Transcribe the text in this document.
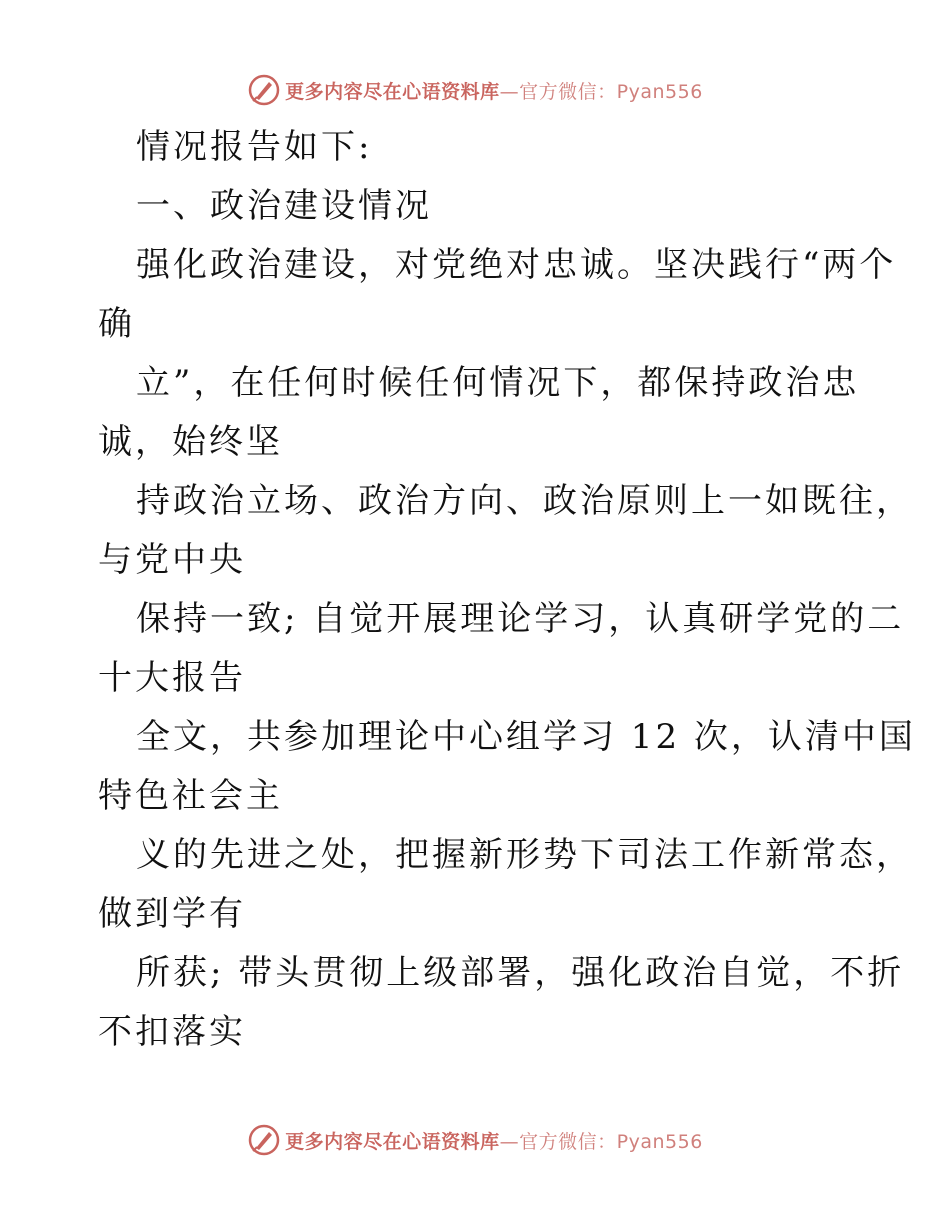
更多内容尽在心语资料库—官方微信：Pyan556
情况报告如下:
一、政治建设情况
强化政治建设，对党绝对忠诚。坚决践行“两个
确
立”，在任何时候任何情况下，都保持政治忠
诚，始终坚
持政治立场、政治方向、政治原则上一如既往，
与党中央
保持一致; 自觉开展理论学习，认真研学党的二
十大报告
全文，共参加理论中心组学习 12 次，认清中国
特色社会主
义的先进之处，把握新形势下司法工作新常态，
做到学有
所获; 带头贯彻上级部署，强化政治自觉，不折
不扣落实
更多内容尽在心语资料库—官方微信：Pyan556
